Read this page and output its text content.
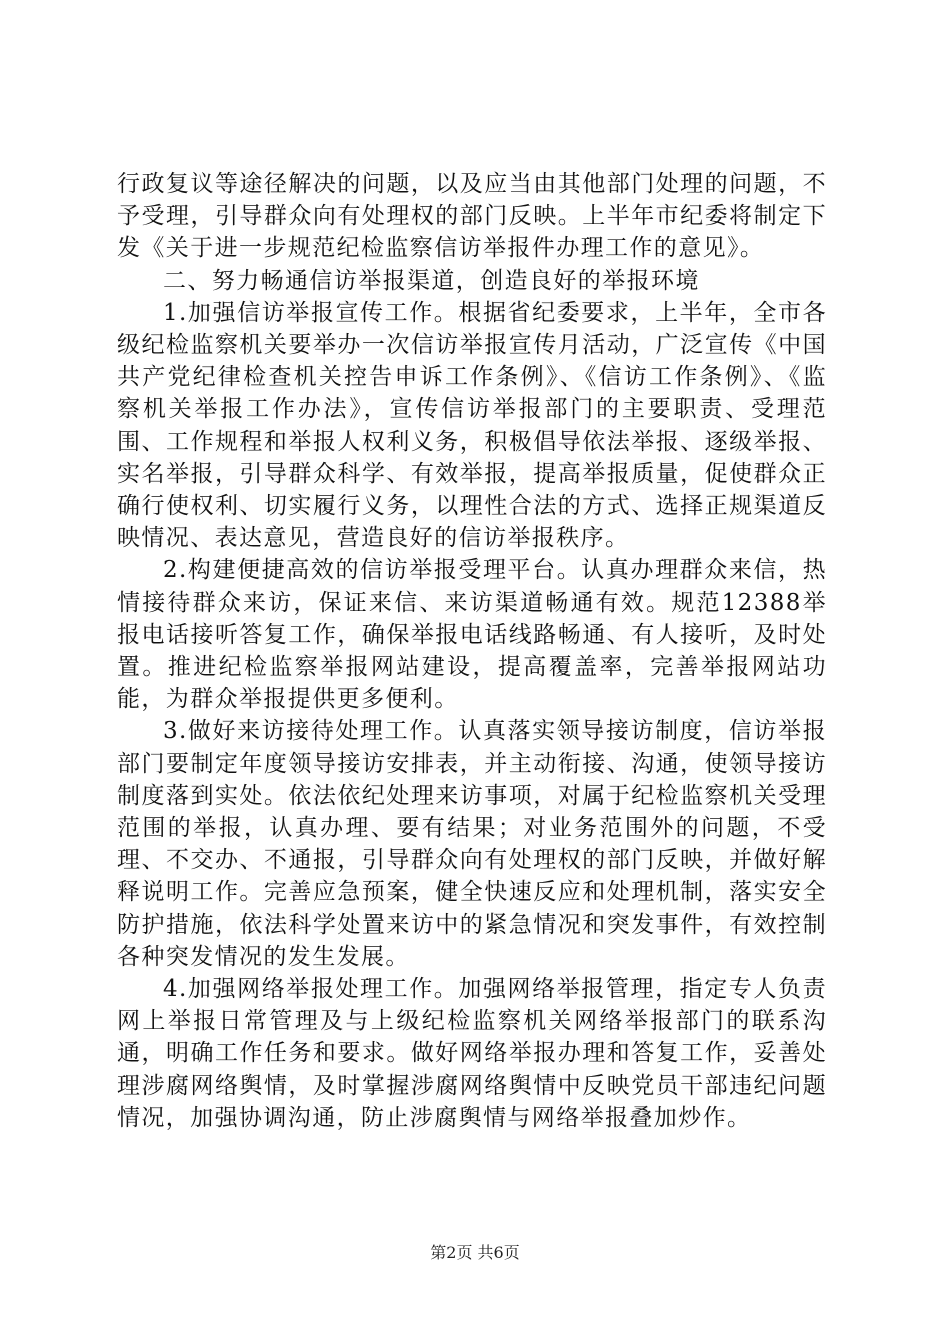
行政复议等途径解决的问题，以及应当由其他部门处理的问题，不予受理，引导群众向有处理权的部门反映。上半年市纪委将制定下发《关于进一步规范纪检监察信访举报件办理工作的意见》。

二、努力畅通信访举报渠道，创造良好的举报环境

1.加强信访举报宣传工作。根据省纪委要求，上半年，全市各级纪检监察机关要举办一次信访举报宣传月活动，广泛宣传《中国共产党纪律检查机关控告申诉工作条例》、《信访工作条例》、《监察机关举报工作办法》，宣传信访举报部门的主要职责、受理范围、工作规程和举报人权利义务，积极倡导依法举报、逐级举报、实名举报，引导群众科学、有效举报，提高举报质量，促使群众正确行使权利、切实履行义务，以理性合法的方式、选择正规渠道反映情况、表达意见，营造良好的信访举报秩序。

2.构建便捷高效的信访举报受理平台。认真办理群众来信，热情接待群众来访，保证来信、来访渠道畅通有效。规范12388举报电话接听答复工作，确保举报电话线路畅通、有人接听，及时处置。推进纪检监察举报网站建设，提高覆盖率，完善举报网站功能，为群众举报提供更多便利。

3.做好来访接待处理工作。认真落实领导接访制度，信访举报部门要制定年度领导接访安排表，并主动衔接、沟通，使领导接访制度落到实处。依法依纪处理来访事项，对属于纪检监察机关受理范围的举报，认真办理、要有结果；对业务范围外的问题，不受理、不交办、不通报，引导群众向有处理权的部门反映，并做好解释说明工作。完善应急预案，健全快速反应和处理机制，落实安全防护措施，依法科学处置来访中的紧急情况和突发事件，有效控制各种突发情况的发生发展。

4.加强网络举报处理工作。加强网络举报管理，指定专人负责网上举报日常管理及与上级纪检监察机关网络举报部门的联系沟通，明确工作任务和要求。做好网络举报办理和答复工作，妥善处理涉腐网络舆情，及时掌握涉腐网络舆情中反映党员干部违纪问题情况，加强协调沟通，防止涉腐舆情与网络举报叠加炒作。

第2页 共6页
